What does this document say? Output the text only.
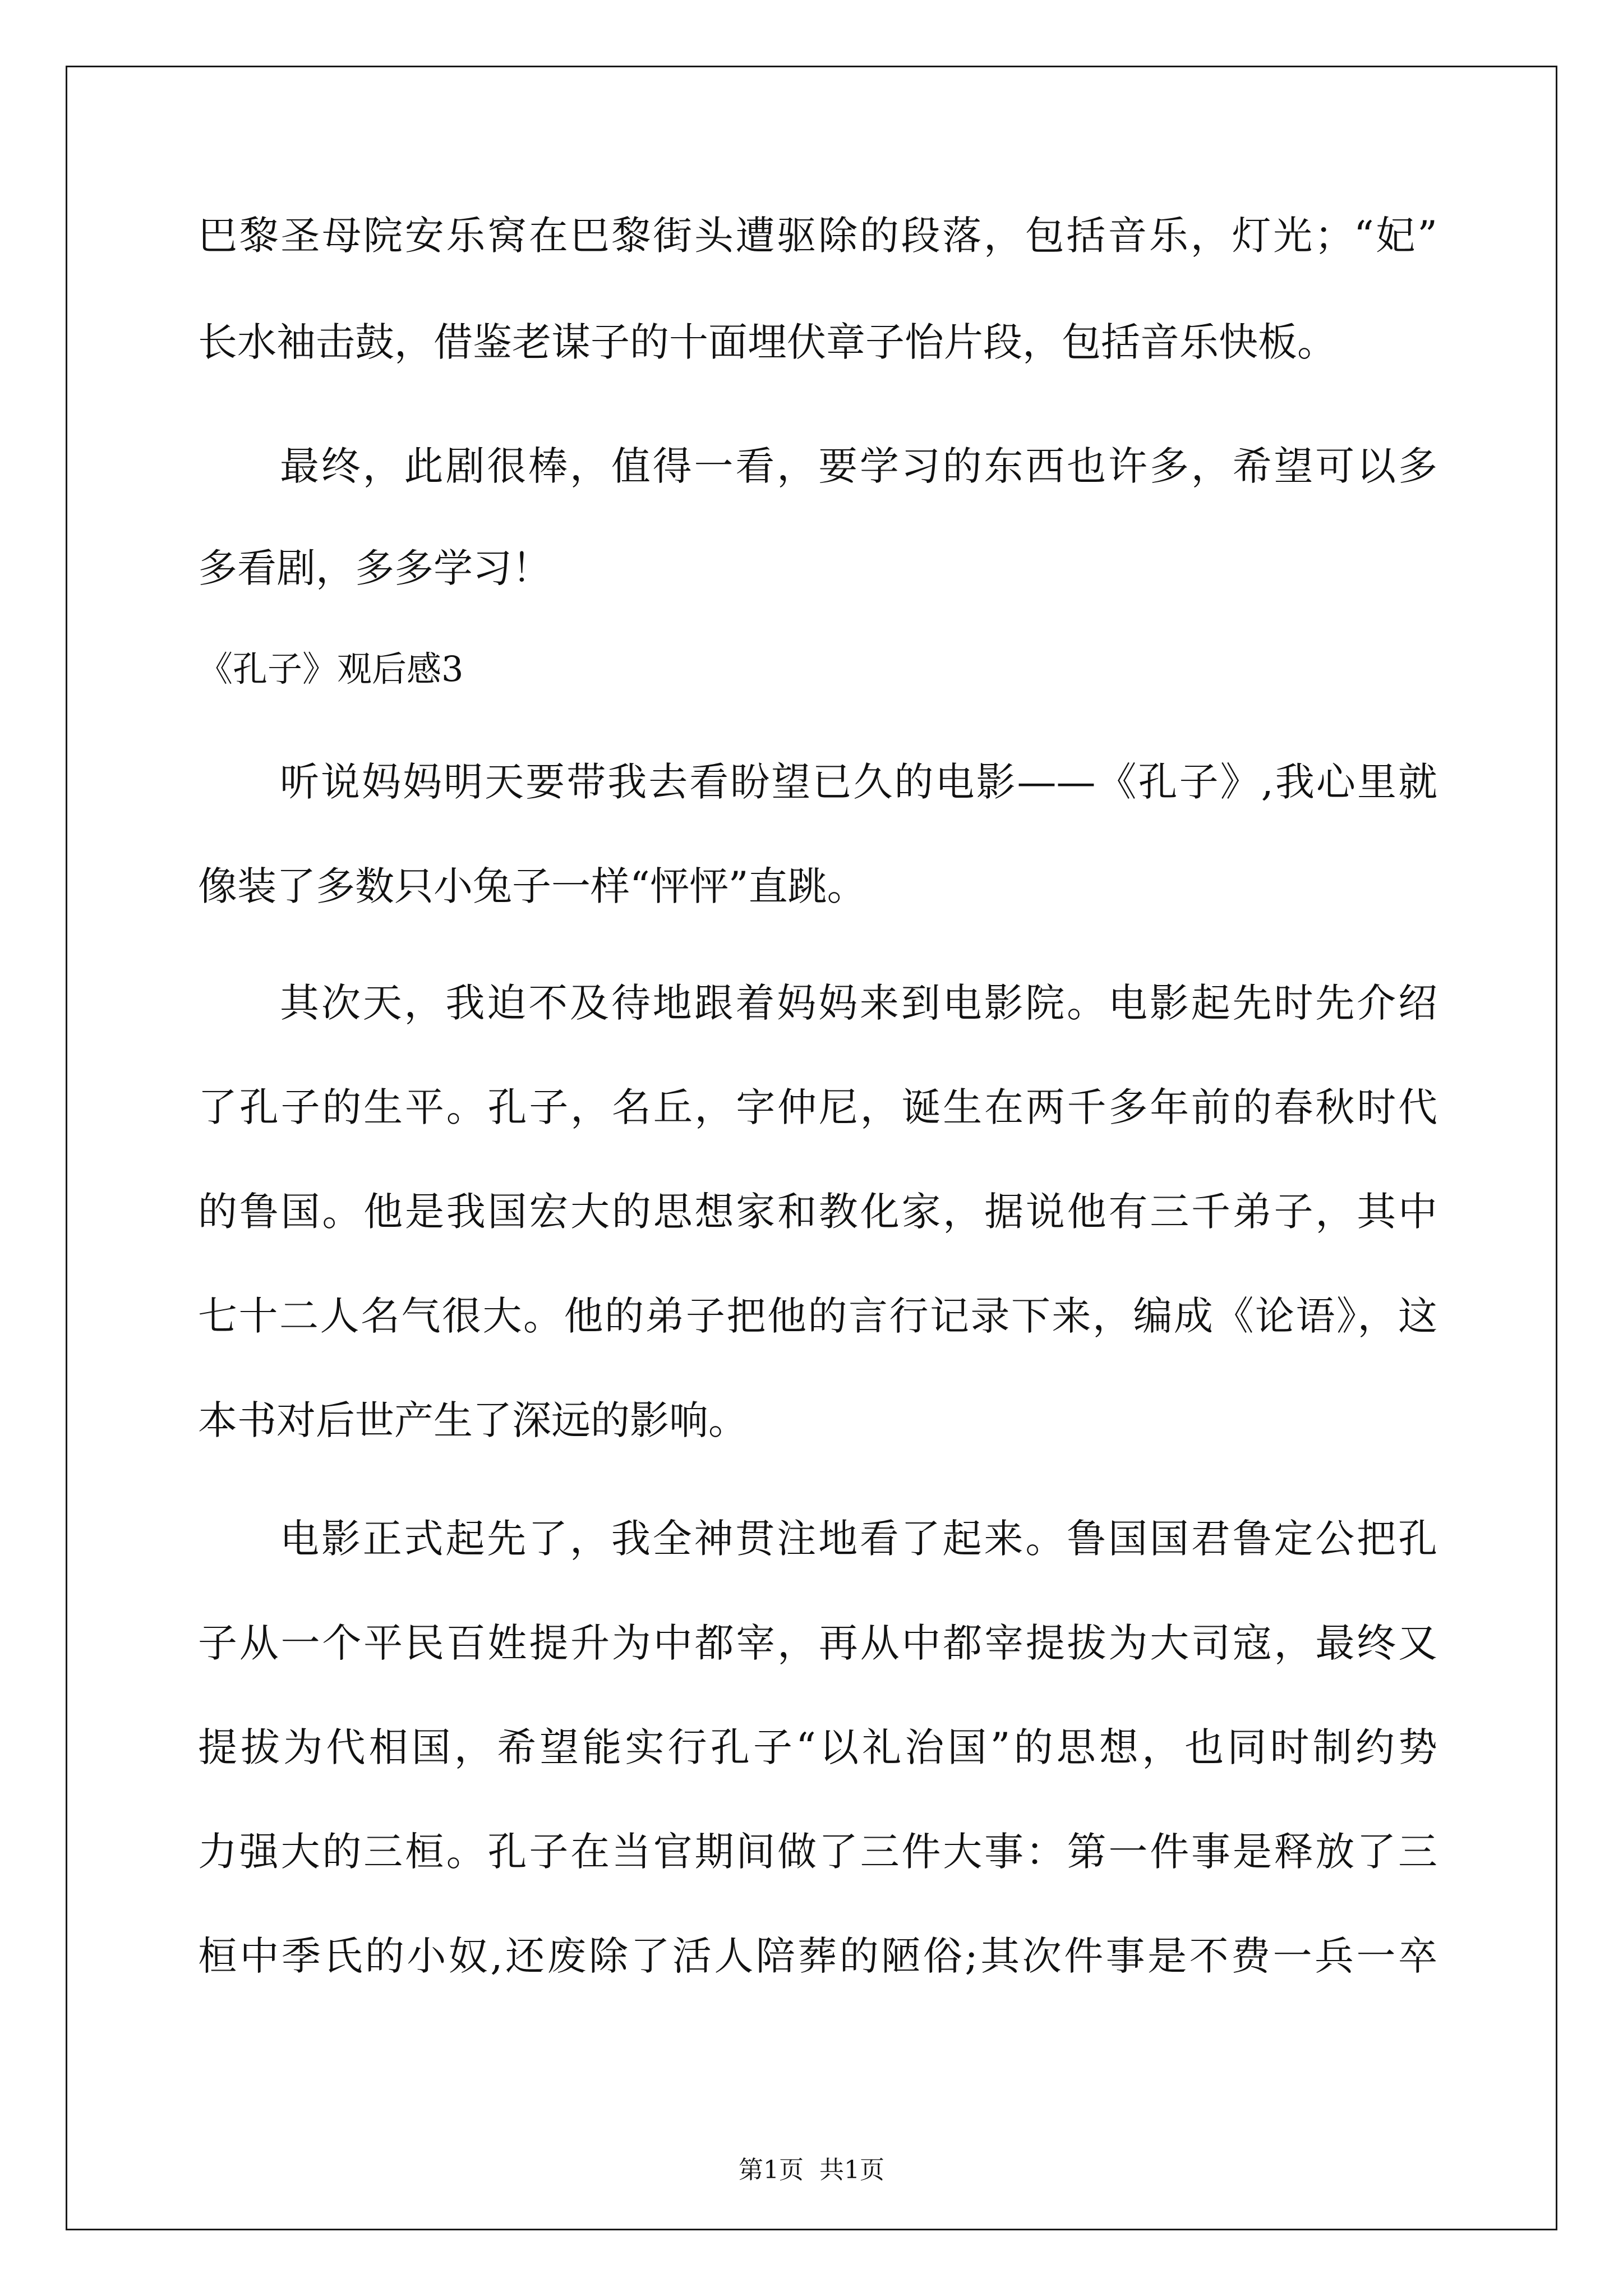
巴黎圣母院安乐窝在巴黎街头遭驱除的段落，包括音乐，灯光；“妃”
长水袖击鼓，借鉴老谋子的十面埋伏章子怡片段，包括音乐快板。
最终，此剧很棒，值得一看，要学习的东西也许多，希望可以多
多看剧，多多学习！
《孔子》观后感3
听说妈妈明天要带我去看盼望已久的电影——《孔子》,我心里就
像装了多数只小兔子一样“怦怦”直跳。
其次天，我迫不及待地跟着妈妈来到电影院。电影起先时先介绍
了孔子的生平。孔子，名丘，字仲尼，诞生在两千多年前的春秋时代
的鲁国。他是我国宏大的思想家和教化家，据说他有三千弟子，其中
七十二人名气很大。他的弟子把他的言行记录下来，编成《论语》，这
本书对后世产生了深远的影响。
电影正式起先了，我全神贯注地看了起来。鲁国国君鲁定公把孔
子从一个平民百姓提升为中都宰，再从中都宰提拔为大司寇，最终又
提拔为代相国，希望能实行孔子“以礼治国”的思想，也同时制约势
力强大的三桓。孔子在当官期间做了三件大事：第一件事是释放了三
桓中季氏的小奴,还废除了活人陪葬的陋俗;其次件事是不费一兵一卒
第1页 共1页
